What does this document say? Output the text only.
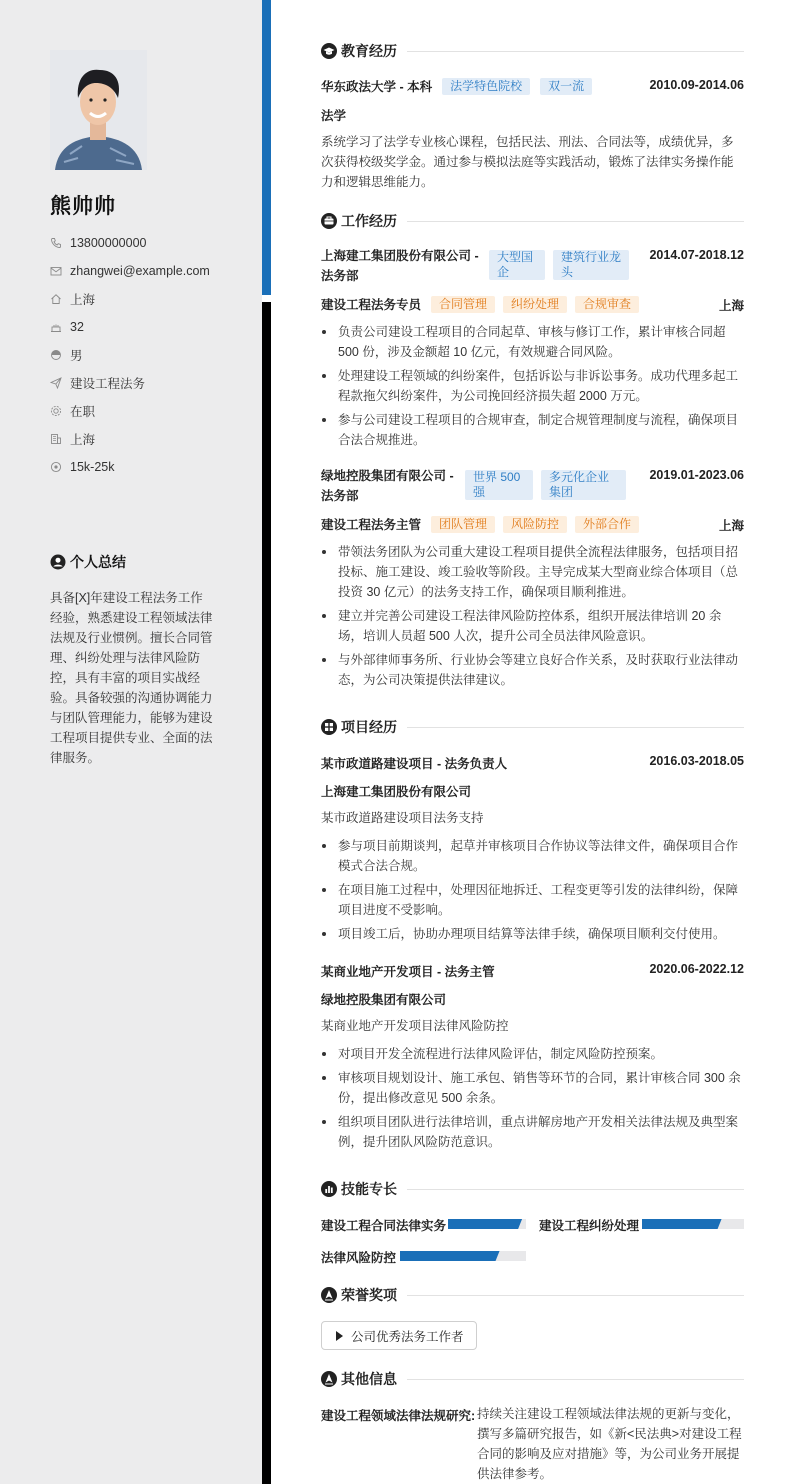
熊帅帅
13800000000
zhangwei@example.com
上海
32
男
建设工程法务
在职
上海
15k-25k
个人总结
具备[X]年建设工程法务工作经验，熟悉建设工程领域法律法规及行业惯例。擅长合同管理、纠纷处理与法律风险防控，具有丰富的项目实战经验。具备较强的沟通协调能力与团队管理能力，能够为建设工程项目提供专业、全面的法律服务。
教育经历
华东政法大学 - 本科	法学特色院校	双一流	2010.09-2014.06
法学
系统学习了法学专业核心课程，包括民法、刑法、合同法等，成绩优异，多次获得校级奖学金。通过参与模拟法庭等实践活动，锻炼了法律实务操作能力和逻辑思维能力。
工作经历
上海建工集团股份有限公司 - 法务部
大型国企
建筑行业龙头
2014.07-2018.12
建设工程法务专员	合同管理	纠纷处理	合规审查	上海
负责公司建设工程项目的合同起草、审核与修订工作，累计审核合同超 500 份，涉及金额超 10 亿元，有效规避合同风险。
处理建设工程领域的纠纷案件，包括诉讼与非诉讼事务。成功代理多起工程款拖欠纠纷案件，为公司挽回经济损失超 2000 万元。
参与公司建设工程项目的合规审查，制定合规管理制度与流程，确保项目合法合规推进。
绿地控股集团有限公司 - 法务部
世界 500 强
多元化企业集团
2019.01-2023.06
建设工程法务主管	团队管理	风险防控	外部合作	上海
带领法务团队为公司重大建设工程项目提供全流程法律服务，包括项目招投标、施工建设、竣工验收等阶段。主导完成某大型商业综合体项目（总投资 30 亿元）的法务支持工作，确保项目顺利推进。
建立并完善公司建设工程法律风险防控体系，组织开展法律培训 20 余场，培训人员超 500 人次，提升公司全员法律风险意识。
与外部律师事务所、行业协会等建立良好合作关系，及时获取行业法律动态，为公司决策提供法律建议。
项目经历
某市政道路建设项目 - 法务负责人	2016.03-2018.05
上海建工集团股份有限公司
某市政道路建设项目法务支持
参与项目前期谈判，起草并审核项目合作协议等法律文件，确保项目合作模式合法合规。
在项目施工过程中，处理因征地拆迁、工程变更等引发的法律纠纷，保障项目进度不受影响。
项目竣工后，协助办理项目结算等法律手续，确保项目顺利交付使用。
某商业地产开发项目 - 法务主管	2020.06-2022.12
绿地控股集团有限公司
某商业地产开发项目法律风险防控
对项目开发全流程进行法律风险评估，制定风险防控预案。
审核项目规划设计、施工承包、销售等环节的合同，累计审核合同 300 余份，提出修改意见 500 余条。
组织项目团队进行法律培训，重点讲解房地产开发相关法律法规及典型案例，提升团队风险防范意识。
技能专长
建设工程合同法律实务	建设工程纠纷处理
法律风险防控
荣誉奖项
公司优秀法务工作者
其他信息
建设工程领域法律法规研究: 持续关注建设工程领域法律法规的更新与变化，撰写多篇研究报告，如《新<民法典>对建设工程合同的影响及应对措施》等，为公司业务开展提供法律参考。
